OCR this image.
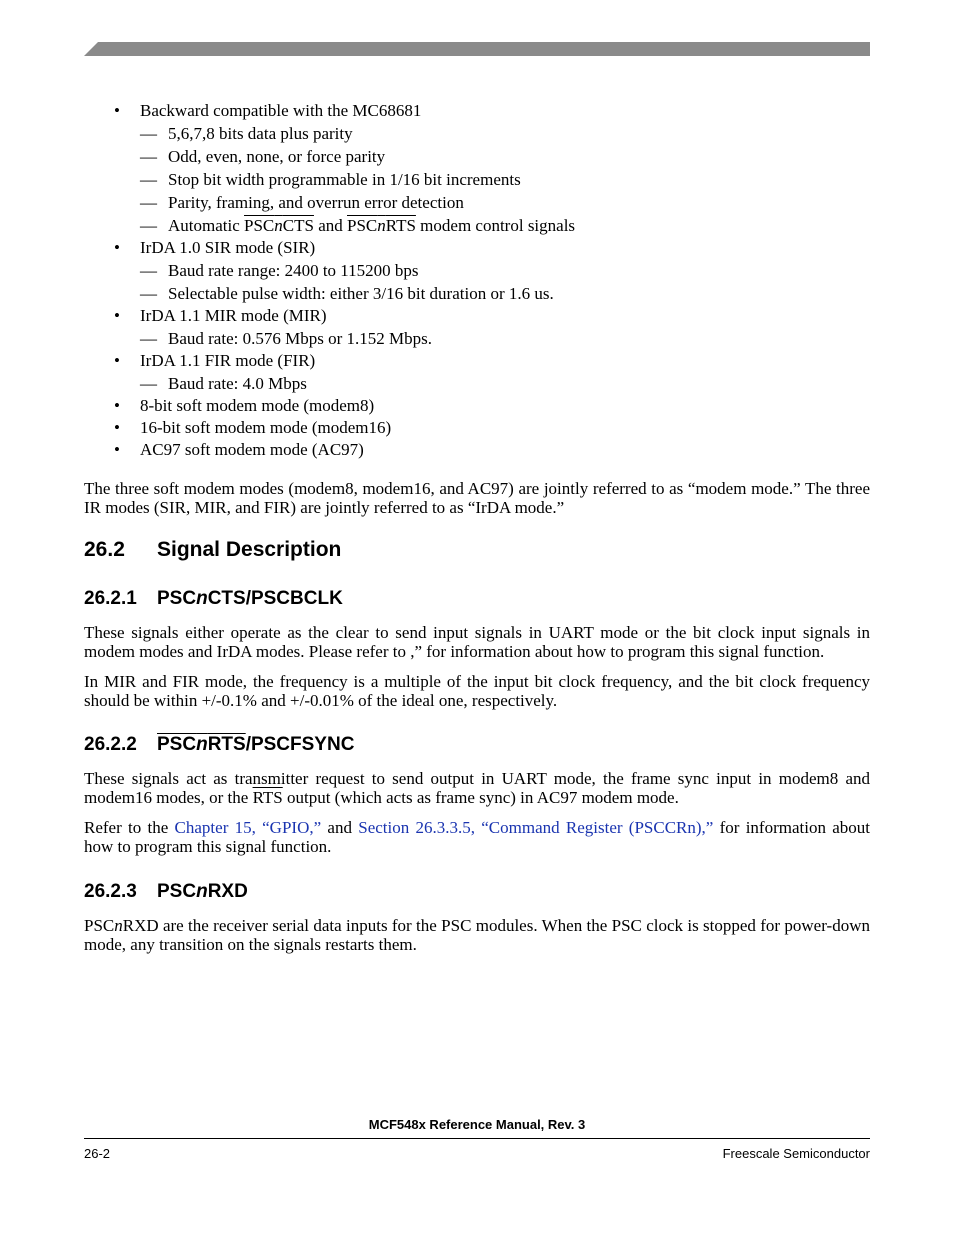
• Backward compatible with the MC68681
— 5,6,7,8 bits data plus parity
— Odd, even, none, or force parity
— Stop bit width programmable in 1/16 bit increments
— Parity, framing, and overrun error detection
— Automatic PSCnCTS and PSCnRTS modem control signals
• IrDA 1.0 SIR mode (SIR)
— Baud rate range: 2400 to 115200 bps
— Selectable pulse width: either 3/16 bit duration or 1.6 us.
• IrDA 1.1 MIR mode (MIR)
— Baud rate: 0.576 Mbps or 1.152 Mbps.
• IrDA 1.1 FIR mode (FIR)
— Baud rate: 4.0 Mbps
• 8-bit soft modem mode (modem8)
• 16-bit soft modem mode (modem16)
• AC97 soft modem mode (AC97)

The three soft modem modes (modem8, modem16, and AC97) are jointly referred to as “modem mode.” The three IR modes (SIR, MIR, and FIR) are jointly referred to as “IrDA mode.”

26.2 Signal Description
26.2.1 PSCnCTS/PSCBCLK

These signals either operate as the clear to send input signals in UART mode or the bit clock input signals in modem modes and IrDA modes. Please refer to ,” for information about how to program this signal function.

In MIR and FIR mode, the frequency is a multiple of the input bit clock frequency, and the bit clock frequency should be within +/-0.1% and +/-0.01% of the ideal one, respectively.

26.2.2 PSCnRTS/PSCFSYNC

These signals act as transmitter request to send output in UART mode, the frame sync input in modem8 and modem16 modes, or the $\overline{RTS}$ output (which acts as frame sync) in AC97 modem mode.

Refer to the Chapter 15, “GPIO,” and Section 26.3.3.5, “Command Register (PSCCRn),” for information about how to program this signal function.

26.2.3 PSCnRXD

PSCnRXD are the receiver serial data inputs for the PSC modules. When the PSC clock is stopped for power-down mode, any transition on the signals restarts them.

MCF548x Reference Manual, Rev. 3
26-2	Freescale Semiconductor
